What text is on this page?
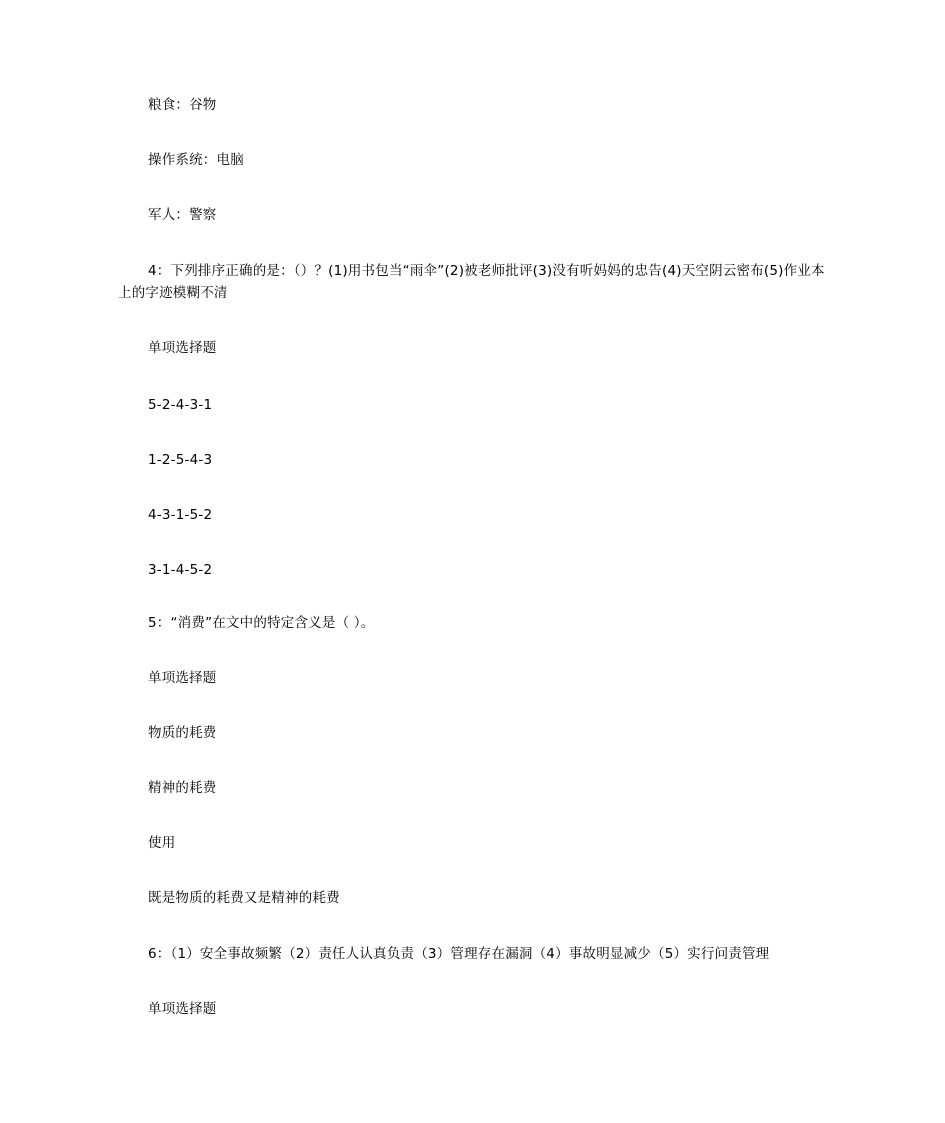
粮食：谷物
操作系统：电脑
军人：警察
4：下列排序正确的是：（）？(1)用书包当“雨伞”(2)被老师批评(3)没有听妈妈的忠告(4)天空阴云密布(5)作业本上的字迹模糊不清
单项选择题
5-2-4-3-1
1-2-5-4-3
4-3-1-5-2
3-1-4-5-2
5：“消费”在文中的特定含义是（ ）。
单项选择题
物质的耗费
精神的耗费
使用
既是物质的耗费又是精神的耗费
6：（1）安全事故频繁（2）责任人认真负责（3）管理存在漏洞（4）事故明显减少（5）实行问责管理
单项选择题
